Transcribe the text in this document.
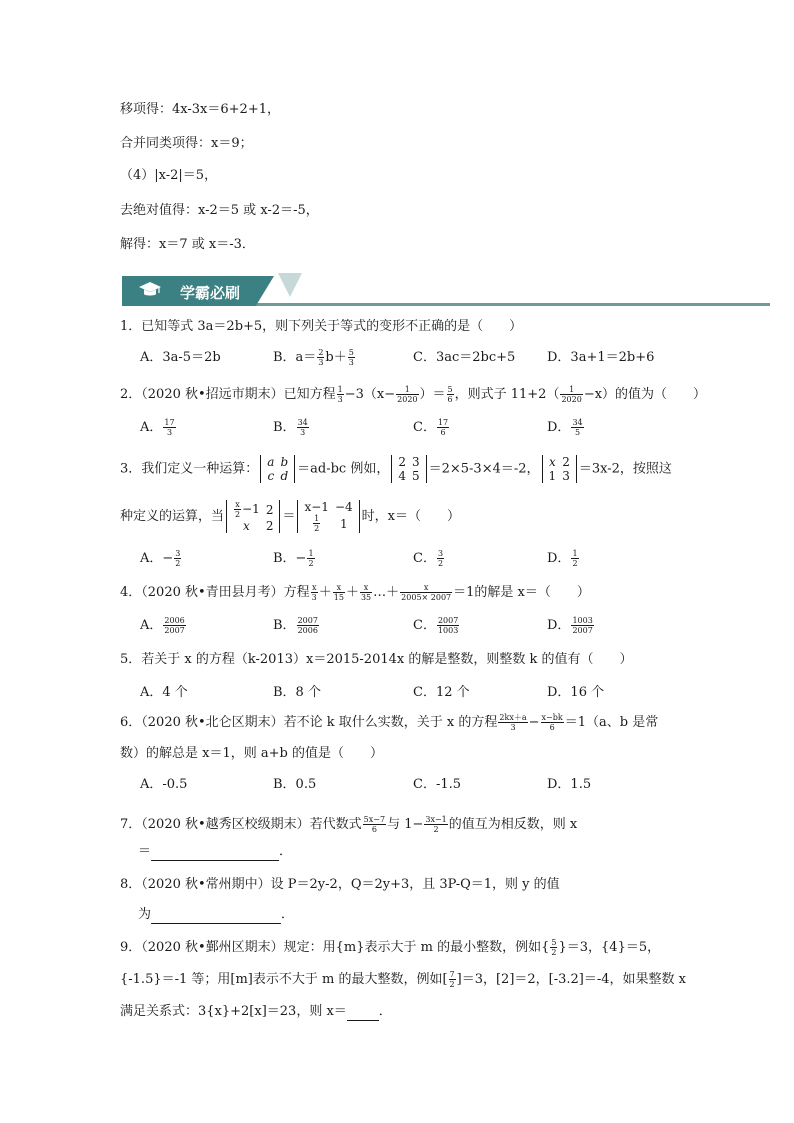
移项得：4x-3x＝6+2+1，
合并同类项得：x＝9；
（4）|x-2|＝5，
去绝对值得：x-2＝5 或 x-2＝-5，
解得：x＝7 或 x＝-3．
学霸必刷
1．已知等式 3a＝2b+5，则下列关于等式的变形不正确的是（　　）
A．3a-5＝2b	B．$a= \frac{2}{3} b+ \frac{5}{3}$	C．3ac＝2bc+5 D．3a+1＝2b+6
2．（2020 秋•招远市期末）已知方程 $\frac{1}{3} -3(x- \frac{1}{2020}$ ）＝ $\frac{5}{6}$ ，则式子 $11+2( \frac{1}{2020} -x)$的值为（　　）
A． $\frac{17}{3}$	B． $\frac{34}{3}$	C． $\frac{17}{6}$	D． $\frac{34}{5}$
3．我们定义一种运算： a	b
c	d ＝ad-bc 例如， 2	3
4	5 ＝2×5-3×4＝-2， x	2
1	3 ＝3x-2，按照这
种定义的运算，当 $\frac{x}{2} -1$	2
x	2
＝
x−1	−4

$\frac{1}{2}$	1 时，x＝（　　）
A．− $\frac{3}{2}$	B．− $\frac{1}{2}$	C． $\frac{3}{2}$	D． $\frac{1}{2}$
4．（2020 秋•青田县月考）方程 $\frac{x}{3} + \frac{x}{15} + \frac{x}{35}$ …＋ $\frac{x}{2005\times 2007} =1$的解是 x＝（　　）
A． $\frac{2006}{2007}$	B． $\frac{2007}{2006}$	C． $\frac{2007}{1003}$	D． $\frac{1003}{2007}$
5．若关于 x 的方程（k-2013）x＝2015-2014x 的解是整数，则整数 k 的值有（　　）
A．4 个	B．8 个	C．12 个	D．16 个
6．（2020 秋•北仑区期末）若不论 k 取什么实数，关于 x 的方程 $\frac{2kx+a}{3} - \frac{x-bk}{6} =1(a$、b 是常
数）的解总是 x＝1，则 a+b 的值是（　　）
A．-0.5	B．0.5	C．-1.5	D．1.5
7．（2020 秋•越秀区校级期末）若代数式 $\frac{5x-7}{6}$ 与 $1- \frac{3x-1}{2}$ 的值互为相反数，则 x
＝	．
8．（2020 秋•常州期中）设 P＝2y-2，Q＝2y+3，且 3P-Q＝1，则 y 的值
为	．
9．（2020 秋•鄞州区期末）规定：用{m}表示大于 m 的最小整数，例如{ $\frac{5}{2} \}=3$，{4}＝5，
{-1.5}＝-1 等；用[m]表示不大于 m 的最大整数，例如[ $\frac{7}{2} ]=3$，[2]＝2，[-3.2]＝-4，如果整数 x
满足关系式：3{x}+2[x]＝23，则 x＝ ．
